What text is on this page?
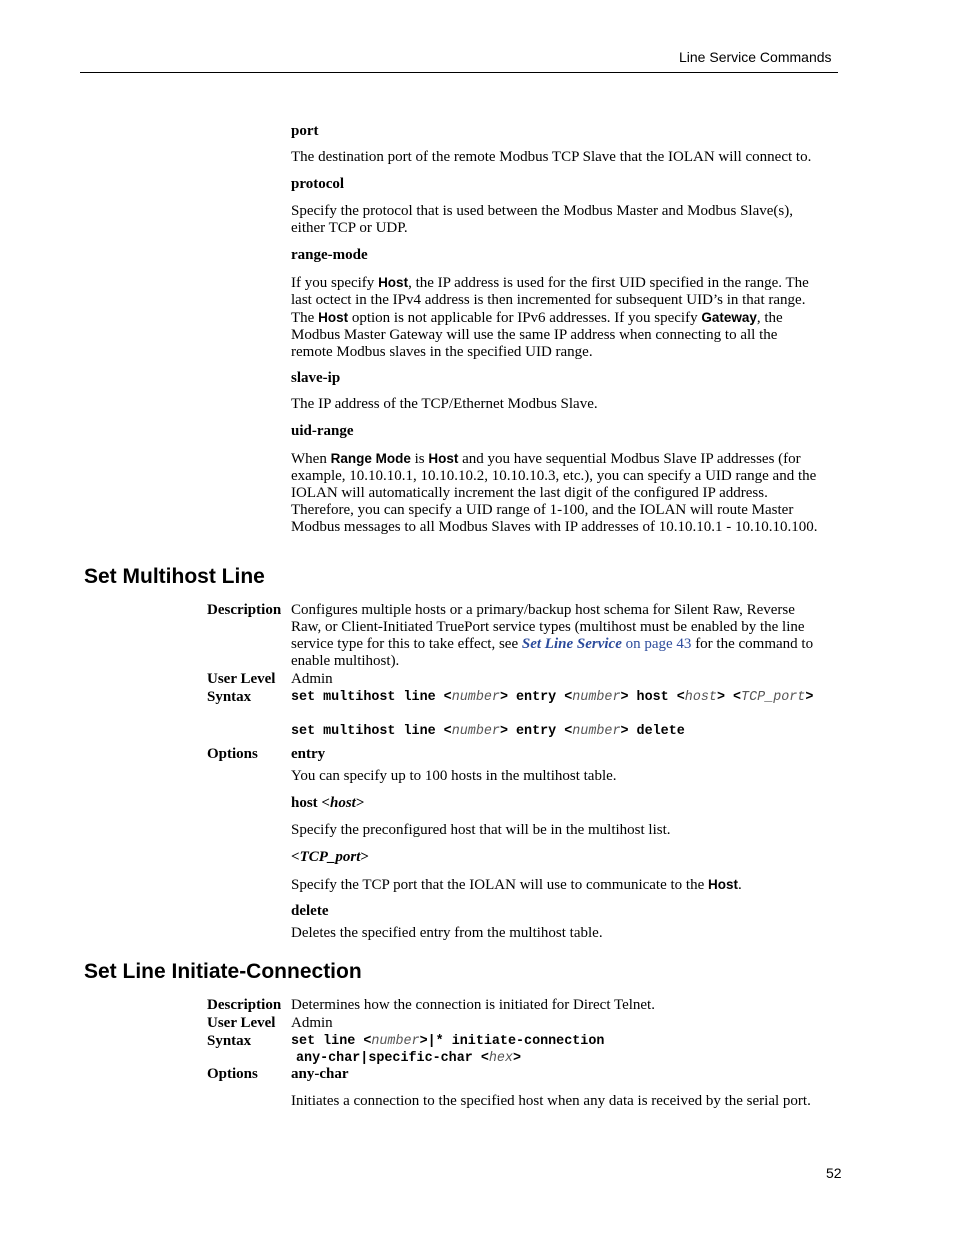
Line Service Commands
port
The destination port of the remote Modbus TCP Slave that the IOLAN will connect to.
protocol
Specify the protocol that is used between the Modbus Master and Modbus Slave(s),
either TCP or UDP.
range-mode
If you specify Host, the IP address is used for the first UID specified in the range. The
last octect in the IPv4 address is then incremented for subsequent UID’s in that range.
The Host option is not applicable for IPv6 addresses. If you specify Gateway, the
Modbus Master Gateway will use the same IP address when connecting to all the
remote Modbus slaves in the specified UID range.
slave-ip
The IP address of the TCP/Ethernet Modbus Slave.
uid-range
When Range Mode is Host and you have sequential Modbus Slave IP addresses (for
example, 10.10.10.1, 10.10.10.2, 10.10.10.3, etc.), you can specify a UID range and the
IOLAN will automatically increment the last digit of the configured IP address.
Therefore, you can specify a UID range of 1-100, and the IOLAN will route Master
Modbus messages to all Modbus Slaves with IP addresses of 10.10.10.1 - 10.10.10.100.
Set Multihost Line
Description Configures multiple hosts or a primary/backup host schema for Silent Raw, Reverse
Raw, or Client-Initiated TruePort service types (multihost must be enabled by the line
service type for this to take effect, see Set Line Service on page 43 for the command to
enable multihost).
User Level Admin
Syntax	set multihost line <number> entry <number> host <host> <TCP_port>
set multihost line <number> entry <number> delete
Options entry
You can specify up to 100 hosts in the multihost table.
host <host>
Specify the preconfigured host that will be in the multihost list.
<TCP_port>
Specify the TCP port that the IOLAN will use to communicate to the Host.
delete
Deletes the specified entry from the multihost table.
Set Line Initiate-Connection
Description Determines how the connection is initiated for Direct Telnet.
User Level Admin
Syntax	set line <number>|* initiate-connection
any-char|specific-char <hex>
Options any-char
Initiates a connection to the specified host when any data is received by the serial port.
52
